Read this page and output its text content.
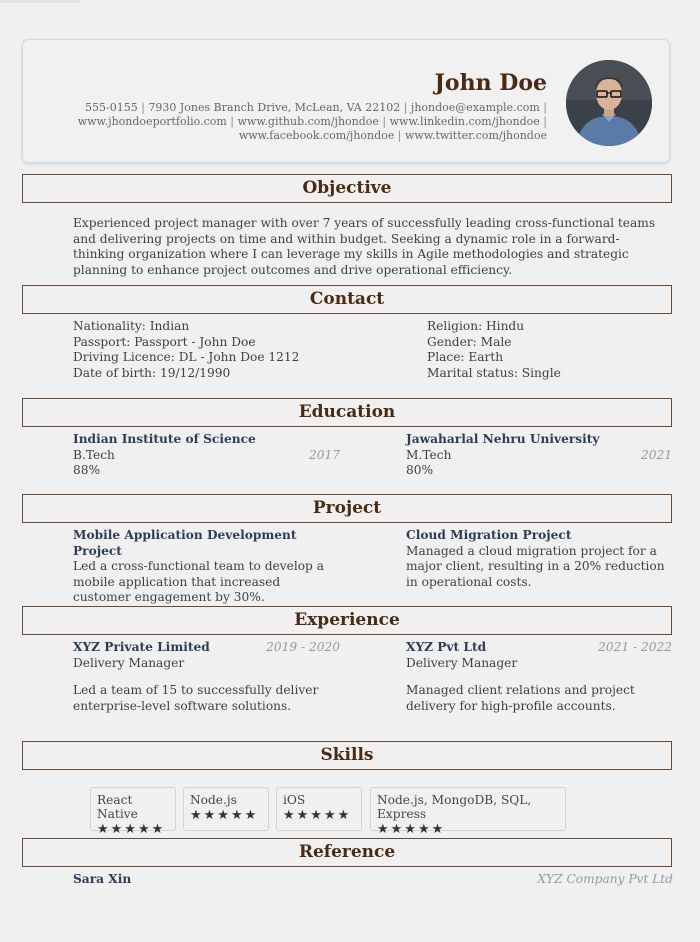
John Doe
555-0155 | 7930 Jones Branch Drive, McLean, VA 22102 | jhondoe@example.com |
www.jhondoeportfolio.com | www.github.com/jhondoe | www.linkedin.com/jhondoe |
www.facebook.com/jhondoe | www.twitter.com/jhondoe
Objective
Experienced project manager with over 7 years of successfully leading cross-functional teams and delivering projects on time and within budget. Seeking a dynamic role in a forward-thinking organization where I can leverage my skills in Agile methodologies and strategic planning to enhance project outcomes and drive operational efficiency.
Contact
Nationality: Indian
Passport: Passport - John Doe
Driving Licence: DL - John Doe 1212
Date of birth: 19/12/1990
Religion: Hindu
Gender: Male
Place: Earth
Marital status: Single
Education
Indian Institute of Science
B.Tech	2017
88%
Jawaharlal Nehru University
M.Tech	2021
80%
Project
Mobile Application Development Project
Led a cross-functional team to develop a mobile application that increased customer engagement by 30%.
Cloud Migration Project
Managed a cloud migration project for a major client, resulting in a 20% reduction in operational costs.
Experience
XYZ Private Limited	2019 - 2020
Delivery Manager
Led a team of 15 to successfully deliver enterprise-level software solutions.
XYZ Pvt Ltd	2021 - 2022
Delivery Manager
Managed client relations and project delivery for high-profile accounts.
Skills
React Native
★★★★★
Node.js
★★★★★
iOS
★★★★★
Node.js, MongoDB, SQL, Express
★★★★★
Reference
Sara Xin	XYZ Company Pvt Ltd
